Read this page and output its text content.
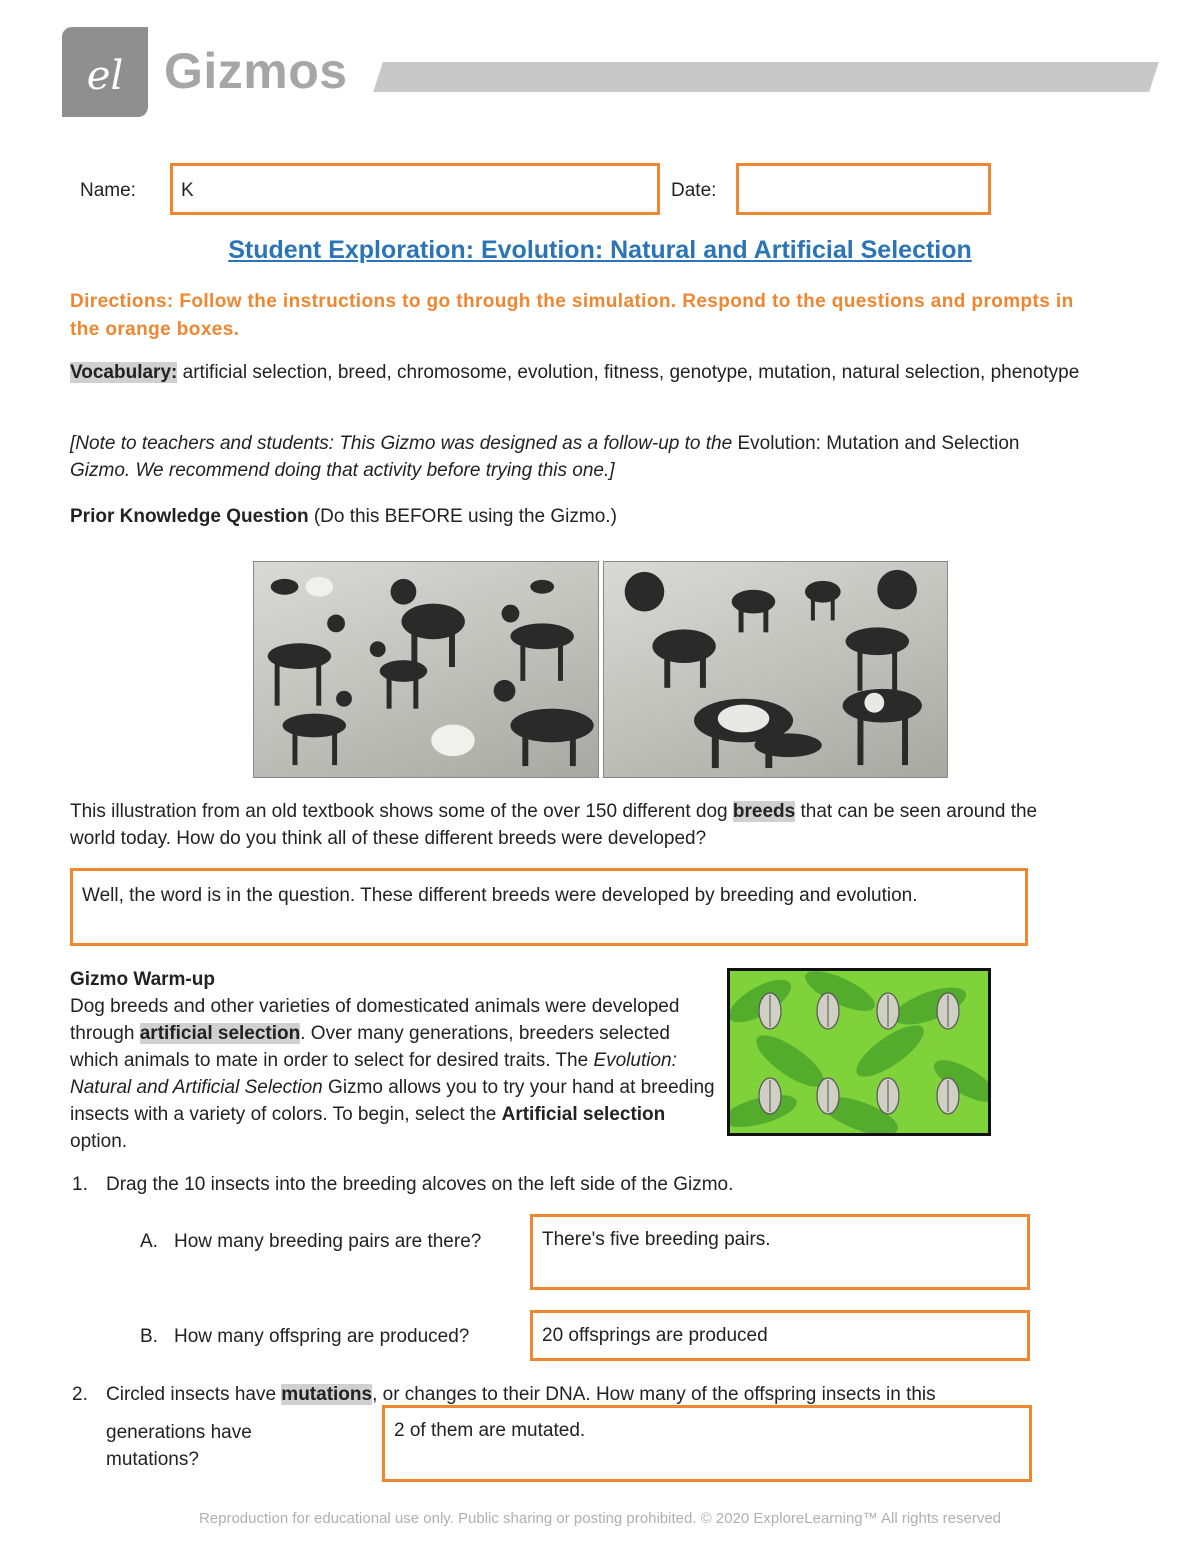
el Gizmos
Name:	K	Date:
Student Exploration: Evolution: Natural and Artificial Selection
Directions: Follow the instructions to go through the simulation. Respond to the questions and prompts in the orange boxes.
Vocabulary: artificial selection, breed, chromosome, evolution, fitness, genotype, mutation, natural selection, phenotype
[Note to teachers and students: This Gizmo was designed as a follow-up to the Evolution: Mutation and Selection Gizmo. We recommend doing that activity before trying this one.]
Prior Knowledge Question (Do this BEFORE using the Gizmo.)
This illustration from an old textbook shows some of the over 150 different dog breeds that can be seen around the world today. How do you think all of these different breeds were developed?
Well, the word is in the question. These different breeds were developed by breeding and evolution.
Gizmo Warm-up
Dog breeds and other varieties of domesticated animals were developed through artificial selection. Over many generations, breeders selected which animals to mate in order to select for desired traits. The Evolution: Natural and Artificial Selection Gizmo allows you to try your hand at breeding insects with a variety of colors. To begin, select the Artificial selection option.
1. Drag the 10 insects into the breeding alcoves on the left side of the Gizmo.
A. How many breeding pairs are there?	There's five breeding pairs.
B. How many offspring are produced?	20 offsprings are produced
2. Circled insects have mutations, or changes to their DNA. How many of the offspring insects in this
generations have mutations?
2 of them are mutated.
Reproduction for educational use only. Public sharing or posting prohibited. © 2020 ExploreLearning™ All rights reserved
